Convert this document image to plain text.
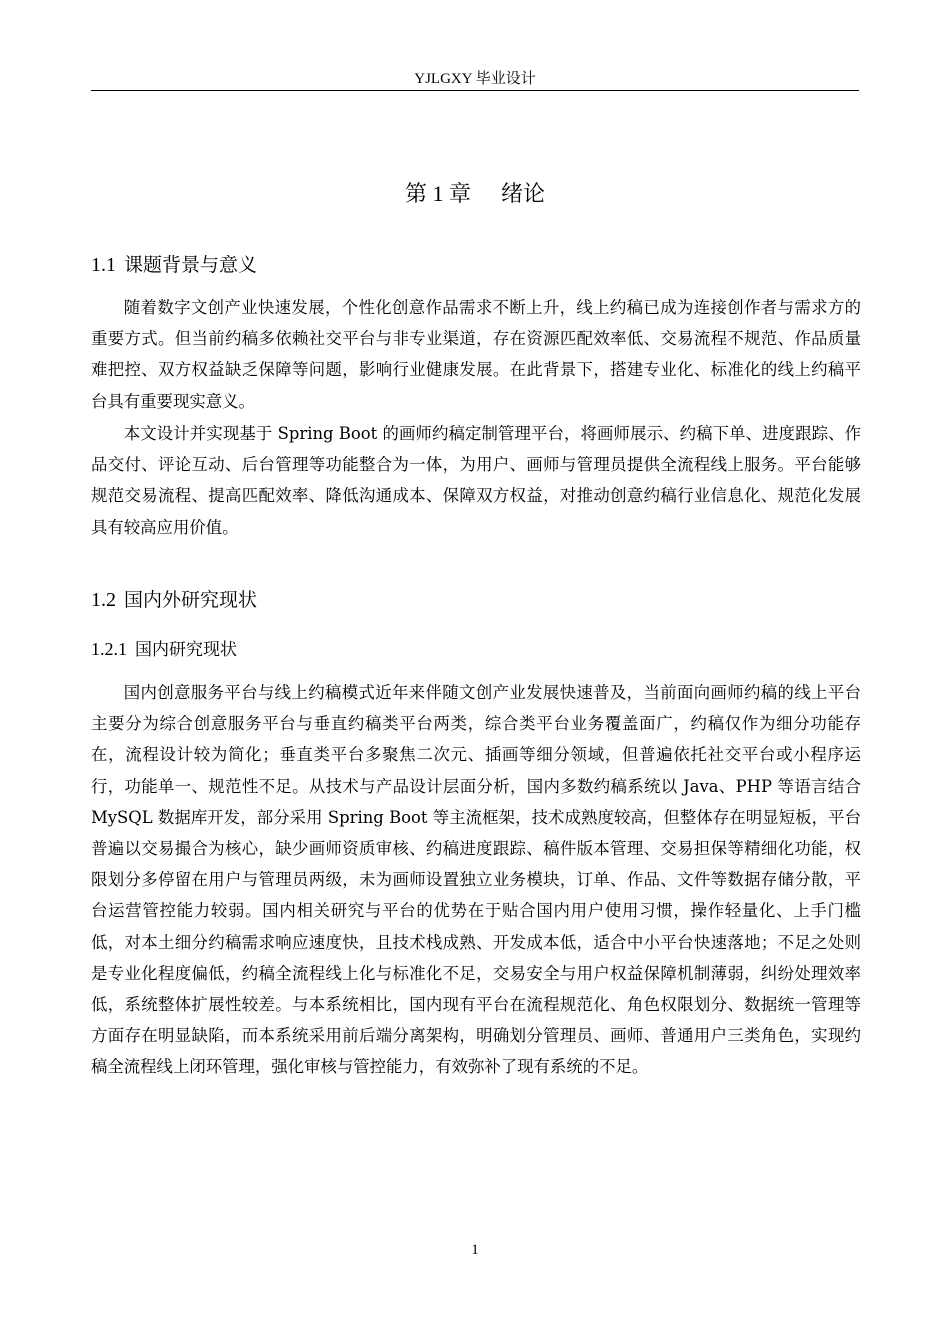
YJLGXY 毕业设计
第 1 章 绪论
1.1 课题背景与意义

随着数字文创产业快速发展，个性化创意作品需求不断上升，线上约稿已成为连接创作者与需求方的重要方式。但当前约稿多依赖社交平台与非专业渠道，存在资源匹配效率低、交易流程不规范、作品质量难把控、双方权益缺乏保障等问题，影响行业健康发展。在此背景下，搭建专业化、标准化的线上约稿平台具有重要现实意义。

本文设计并实现基于 Spring Boot 的画师约稿定制管理平台，将画师展示、约稿下单、进度跟踪、作品交付、评论互动、后台管理等功能整合为一体，为用户、画师与管理员提供全流程线上服务。平台能够规范交易流程、提高匹配效率、降低沟通成本、保障双方权益，对推动创意约稿行业信息化、规范化发展具有较高应用价值。

1.2 国内外研究现状
1.2.1 国内研究现状

国内创意服务平台与线上约稿模式近年来伴随文创产业发展快速普及，当前面向画师约稿的线上平台主要分为综合创意服务平台与垂直约稿类平台两类，综合类平台业务覆盖面广，约稿仅作为细分功能存在，流程设计较为简化；垂直类平台多聚焦二次元、插画等细分领域，但普遍依托社交平台或小程序运行，功能单一、规范性不足。从技术与产品设计层面分析，国内多数约稿系统以 Java、PHP 等语言结合 MySQL 数据库开发，部分采用 Spring Boot 等主流框架，技术成熟度较高，但整体存在明显短板，平台普遍以交易撮合为核心，缺少画师资质审核、约稿进度跟踪、稿件版本管理、交易担保等精细化功能，权限划分多停留在用户与管理员两级，未为画师设置独立业务模块，订单、作品、文件等数据存储分散，平台运营管控能力较弱。国内相关研究与平台的优势在于贴合国内用户使用习惯，操作轻量化、上手门槛低，对本土细分约稿需求响应速度快，且技术栈成熟、开发成本低，适合中小平台快速落地；不足之处则是专业化程度偏低，约稿全流程线上化与标准化不足，交易安全与用户权益保障机制薄弱，纠纷处理效率低，系统整体扩展性较差。与本系统相比，国内现有平台在流程规范化、角色权限划分、数据统一管理等方面存在明显缺陷，而本系统采用前后端分离架构，明确划分管理员、画师、普通用户三类角色，实现约稿全流程线上闭环管理，强化审核与管控能力，有效弥补了现有系统的不足。

1
